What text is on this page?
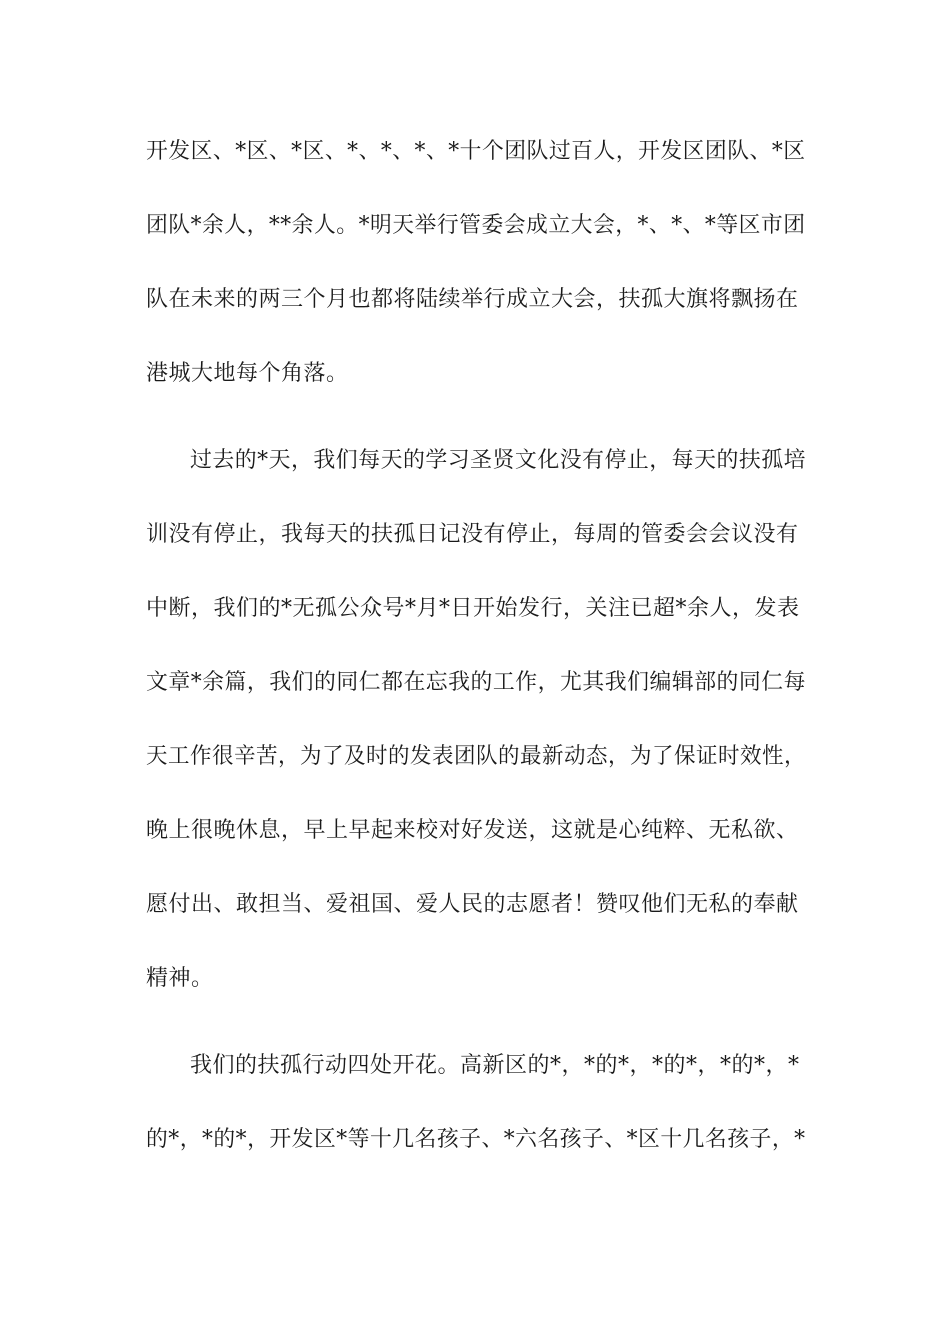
开发区、*区、*区、*、*、*、*十个团队过百人，开发区团队、*区
团队*余人，**余人。*明天举行管委会成立大会，*、*、*等区市团
队在未来的两三个月也都将陆续举行成立大会，扶孤大旗将飘扬在
港城大地每个角落。
过去的*天，我们每天的学习圣贤文化没有停止，每天的扶孤培
训没有停止，我每天的扶孤日记没有停止，每周的管委会会议没有
中断，我们的*无孤公众号*月*日开始发行，关注已超*余人，发表
文章*余篇，我们的同仁都在忘我的工作，尤其我们编辑部的同仁每
天工作很辛苦，为了及时的发表团队的最新动态，为了保证时效性，
晚上很晚休息，早上早起来校对好发送，这就是心纯粹、无私欲、
愿付出、敢担当、爱祖国、爱人民的志愿者！赞叹他们无私的奉献
精神。
我们的扶孤行动四处开花。高新区的*，*的*，*的*，*的*，*
的*，*的*，开发区*等十几名孩子、*六名孩子、*区十几名孩子，*
